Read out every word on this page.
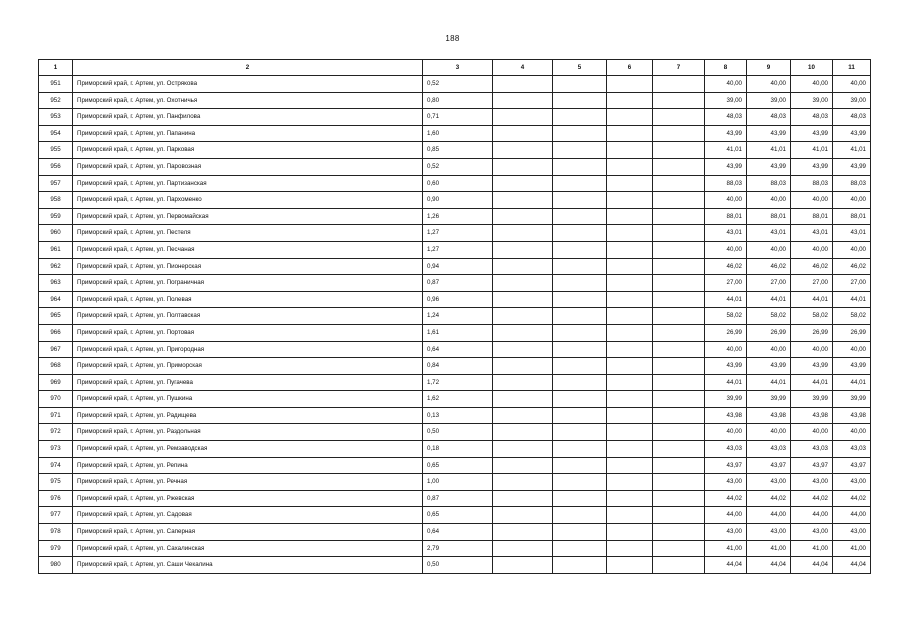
188
1	2	3	4	5	6	7	8	9	10	11
951	Приморский край, г. Артем, ул. Острякова	0,52					40,00	40,00	40,00	40,00
952	Приморский край, г. Артем, ул. Охотничья	0,80					39,00	39,00	39,00	39,00
953	Приморский край, г. Артем, ул. Панфилова	0,71					48,03	48,03	48,03	48,03
954	Приморский край, г. Артем, ул. Папанина	1,60					43,99	43,99	43,99	43,99
955	Приморский край, г. Артем, ул. Парковая	0,85					41,01	41,01	41,01	41,01
956	Приморский край, г. Артем, ул. Паровозная	0,52					43,99	43,99	43,99	43,99
957	Приморский край, г. Артем, ул. Партизанская	0,60					88,03	88,03	88,03	88,03
958	Приморский край, г. Артем, ул. Пархоменко	0,90					40,00	40,00	40,00	40,00
959	Приморский край, г. Артем, ул. Первомайская	1,26					88,01	88,01	88,01	88,01
960	Приморский край, г. Артем, ул. Пестеля	1,27					43,01	43,01	43,01	43,01
961	Приморский край, г. Артем, ул. Песчаная	1,27					40,00	40,00	40,00	40,00
962	Приморский край, г. Артем, ул. Пионерская	0,94					46,02	46,02	46,02	46,02
963	Приморский край, г. Артем, ул. Пограничная	0,87					27,00	27,00	27,00	27,00
964	Приморский край, г. Артем, ул. Полевая	0,96					44,01	44,01	44,01	44,01
965	Приморский край, г. Артем, ул. Полтавская	1,24					58,02	58,02	58,02	58,02
966	Приморский край, г. Артем, ул. Портовая	1,61					26,99	26,99	26,99	26,99
967	Приморский край, г. Артем, ул. Пригородная	0,64					40,00	40,00	40,00	40,00
968	Приморский край, г. Артем, ул. Приморская	0,84					43,99	43,99	43,99	43,99
969	Приморский край, г. Артем, ул. Пугачева	1,72					44,01	44,01	44,01	44,01
970	Приморский край, г. Артем, ул. Пушкина	1,62					39,99	39,99	39,99	39,99
971	Приморский край, г. Артем, ул. Радищева	0,13					43,98	43,98	43,98	43,98
972	Приморский край, г. Артем, ул. Раздольная	0,50					40,00	40,00	40,00	40,00
973	Приморский край, г. Артем, ул. Ремзаводская	0,18					43,03	43,03	43,03	43,03
974	Приморский край, г. Артем, ул. Репина	0,65					43,97	43,97	43,97	43,97
975	Приморский край, г. Артем, ул. Речная	1,00					43,00	43,00	43,00	43,00
976	Приморский край, г. Артем, ул. Ржевская	0,87					44,02	44,02	44,02	44,02
977	Приморский край, г. Артем, ул. Садовая	0,65					44,00	44,00	44,00	44,00
978	Приморский край, г. Артем, ул. Саперная	0,64					43,00	43,00	43,00	43,00
979	Приморский край, г. Артем, ул. Сахалинская	2,79					41,00	41,00	41,00	41,00
980	Приморский край, г. Артем, ул. Саши Чекалина	0,50					44,04	44,04	44,04	44,04
